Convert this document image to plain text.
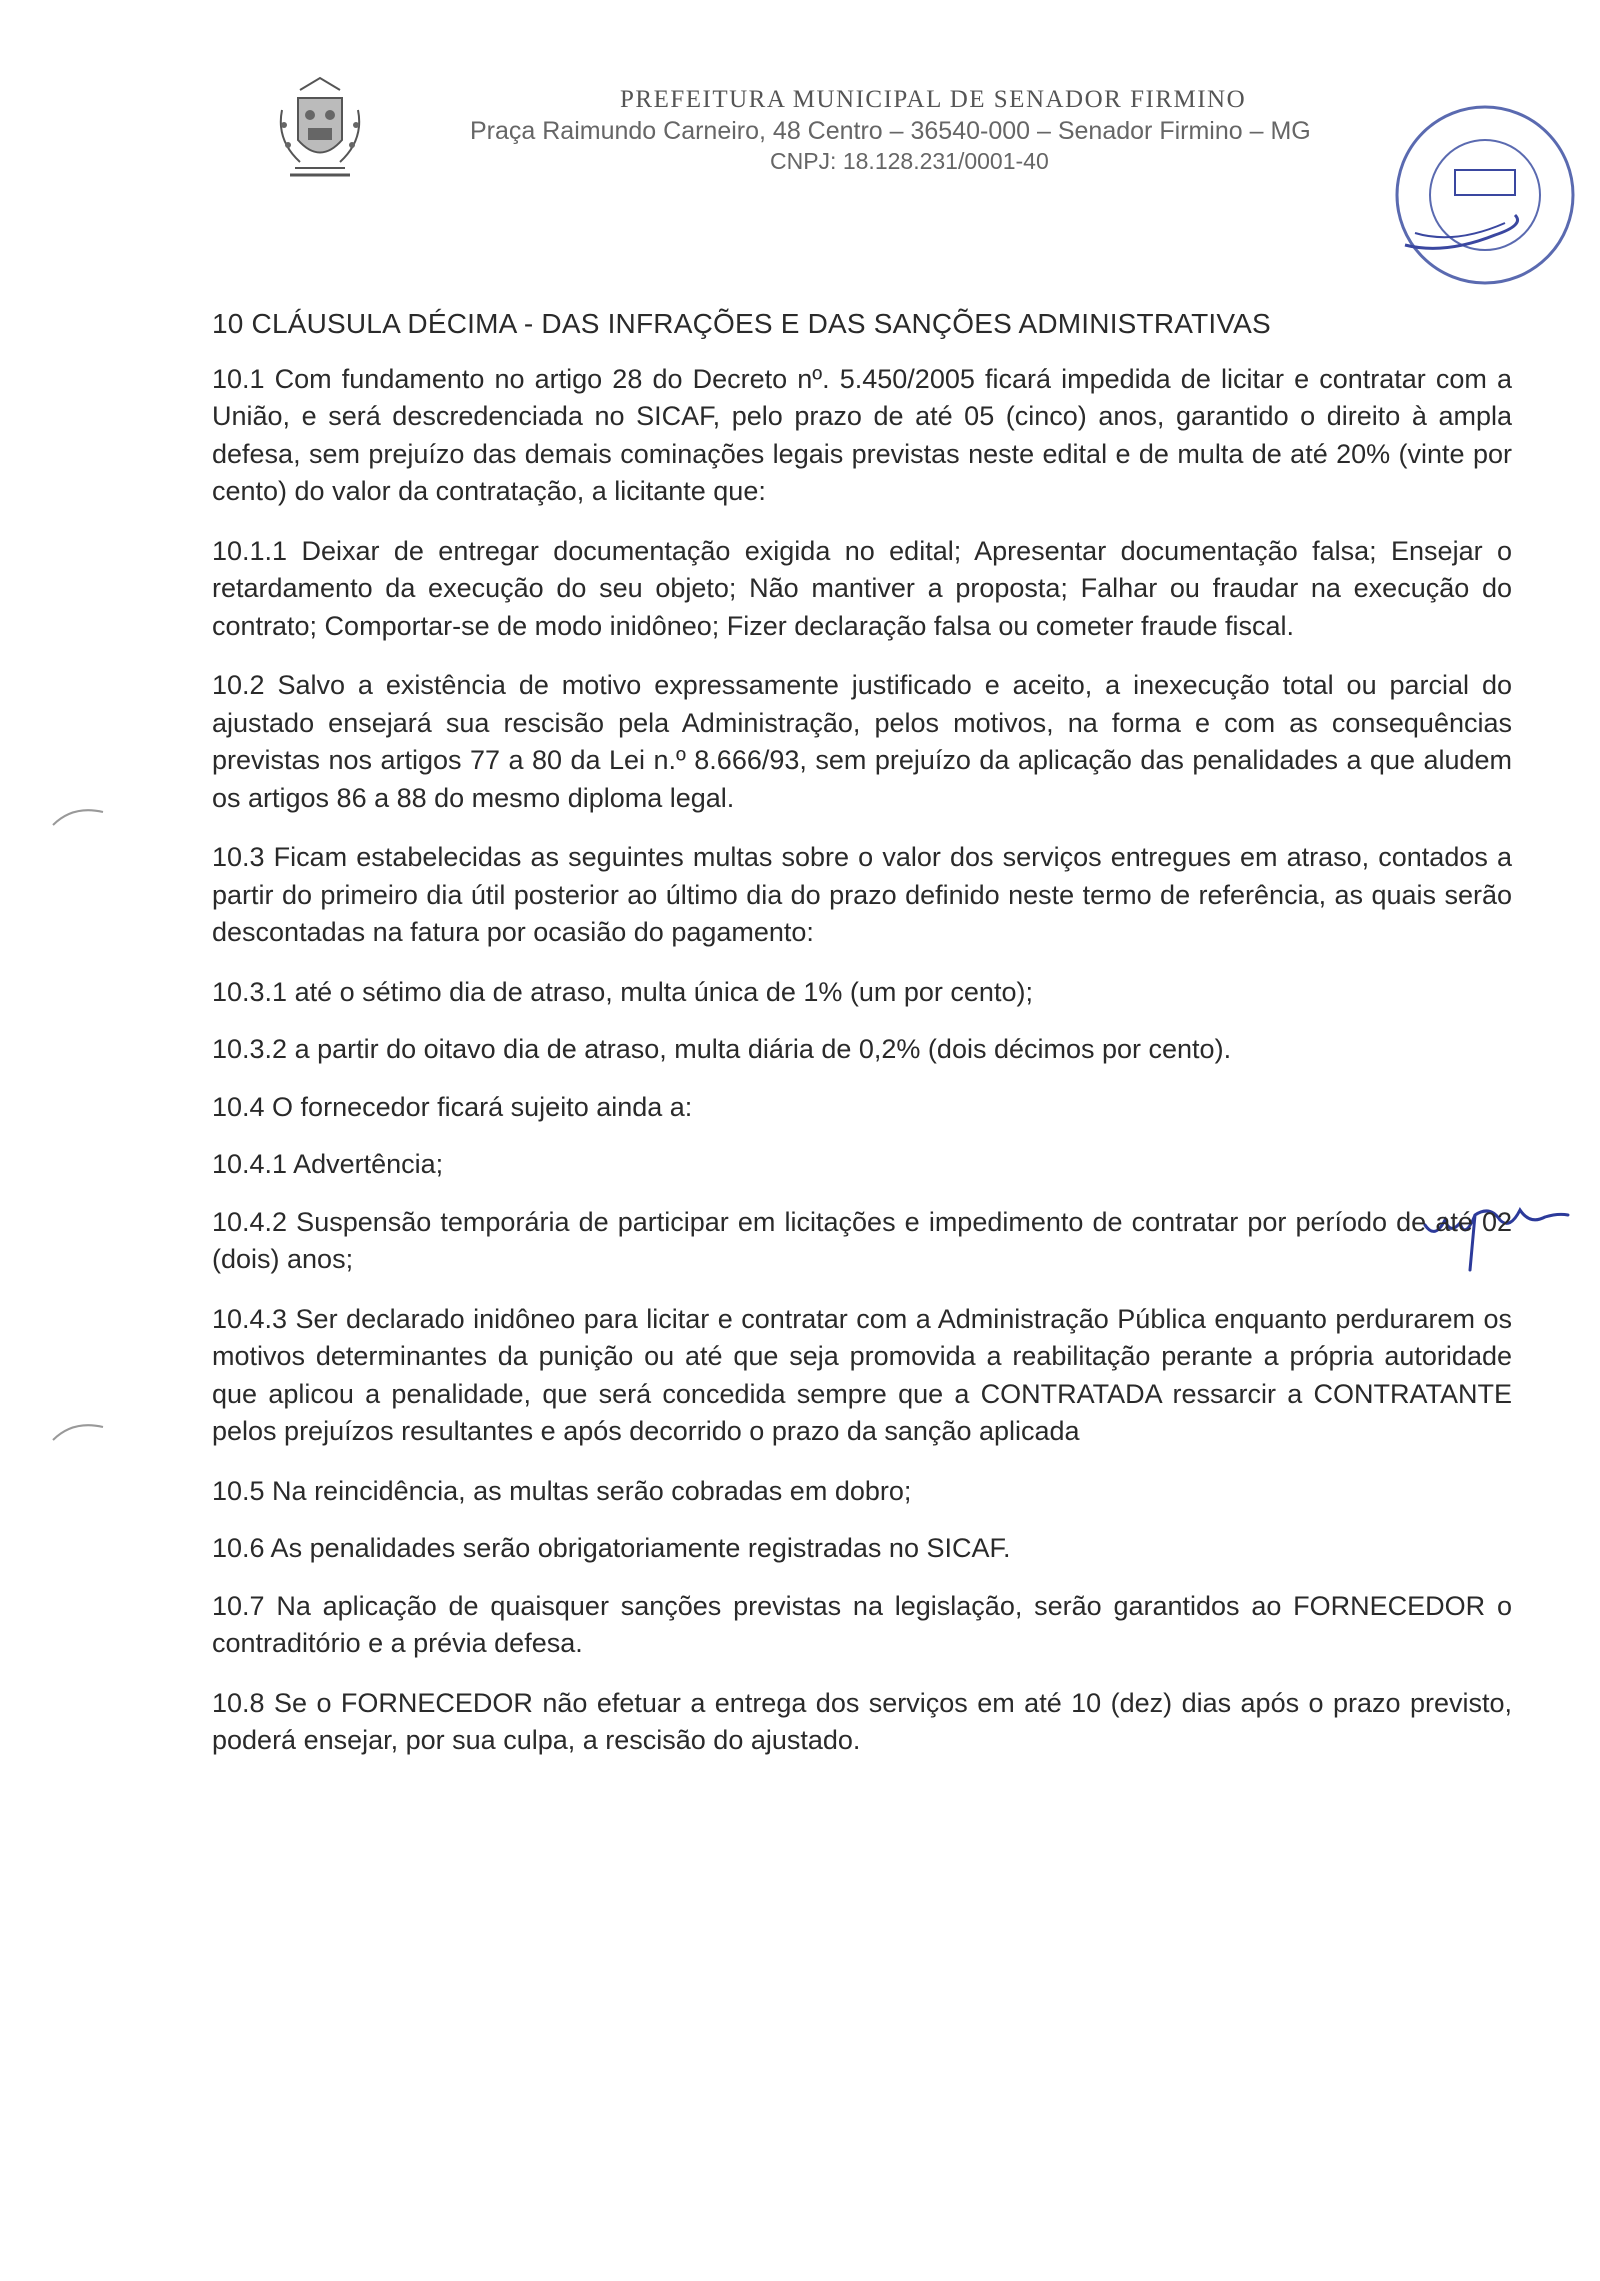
PREFEITURA MUNICIPAL DE SENADOR FIRMINO

Praça Raimundo Carneiro, 48 Centro – 36540-000 – Senador Firmino – MG

CNPJ: 18.128.231/0001-40

10 CLÁUSULA DÉCIMA - DAS INFRAÇÕES E DAS SANÇÕES ADMINISTRATIVAS

10.1 Com fundamento no artigo 28 do Decreto nº. 5.450/2005 ficará impedida de licitar e contratar com a União, e será descredenciada no SICAF, pelo prazo de até 05 (cinco) anos, garantido o direito à ampla defesa, sem prejuízo das demais cominações legais previstas neste edital e de multa de até 20% (vinte por cento) do valor da contratação, a licitante que:

10.1.1 Deixar de entregar documentação exigida no edital; Apresentar documentação falsa; Ensejar o retardamento da execução do seu objeto; Não mantiver a proposta; Falhar ou fraudar na execução do contrato; Comportar-se de modo inidôneo; Fizer declaração falsa ou cometer fraude fiscal.

10.2 Salvo a existência de motivo expressamente justificado e aceito, a inexecução total ou parcial do ajustado ensejará sua rescisão pela Administração, pelos motivos, na forma e com as consequências previstas nos artigos 77 a 80 da Lei n.º 8.666/93, sem prejuízo da aplicação das penalidades a que aludem os artigos 86 a 88 do mesmo diploma legal.

10.3 Ficam estabelecidas as seguintes multas sobre o valor dos serviços entregues em atraso, contados a partir do primeiro dia útil posterior ao último dia do prazo definido neste termo de referência, as quais serão descontadas na fatura por ocasião do pagamento:

10.3.1 até o sétimo dia de atraso, multa única de 1% (um por cento);

10.3.2 a partir do oitavo dia de atraso, multa diária de 0,2% (dois décimos por cento).

10.4 O fornecedor ficará sujeito ainda a:

10.4.1 Advertência;

10.4.2 Suspensão temporária de participar em licitações e impedimento de contratar por período de até 02 (dois) anos;

10.4.3 Ser declarado inidôneo para licitar e contratar com a Administração Pública enquanto perdurarem os motivos determinantes da punição ou até que seja promovida a reabilitação perante a própria autoridade que aplicou a penalidade, que será concedida sempre que a CONTRATADA ressarcir a CONTRATANTE pelos prejuízos resultantes e após decorrido o prazo da sanção aplicada

10.5 Na reincidência, as multas serão cobradas em dobro;

10.6 As penalidades serão obrigatoriamente registradas no SICAF.

10.7 Na aplicação de quaisquer sanções previstas na legislação, serão garantidos ao FORNECEDOR o contraditório e a prévia defesa.

10.8 Se o FORNECEDOR não efetuar a entrega dos serviços em até 10 (dez) dias após o prazo previsto, poderá ensejar, por sua culpa, a rescisão do ajustado.
